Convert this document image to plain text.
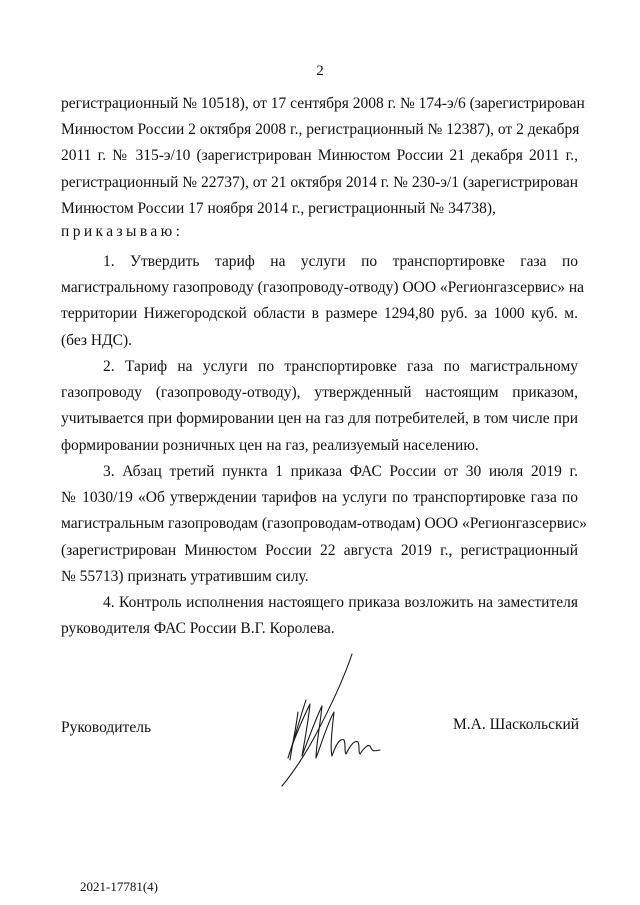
2
регистрационный № 10518), от 17 сентября 2008 г. № 174-э/6 (зарегистрирован
Минюстом России 2 октября 2008 г., регистрационный № 12387), от 2 декабря
2011 г. № 315-э/10 (зарегистрирован Минюстом России 21 декабря 2011 г.,
регистрационный № 22737), от 21 октября 2014 г. № 230-э/1 (зарегистрирован
Минюстом России 17 ноября 2014 г., регистрационный № 34738),
приказываю:
1. Утвердить тариф на услуги по транспортировке газа по
магистральному газопроводу (газопроводу-отводу) ООО «Регионгазсервис» на
территории Нижегородской области в размере 1294,80 руб. за 1000 куб. м.
(без НДС).
2. Тариф на услуги по транспортировке газа по магистральному
газопроводу (газопроводу-отводу), утвержденный настоящим приказом,
учитывается при формировании цен на газ для потребителей, в том числе при
формировании розничных цен на газ, реализуемый населению.
3. Абзац третий пункта 1 приказа ФАС России от 30 июля 2019 г.
№ 1030/19 «Об утверждении тарифов на услуги по транспортировке газа по
магистральным газопроводам (газопроводам-отводам) ООО «Регионгазсервис»
(зарегистрирован Минюстом России 22 августа 2019 г., регистрационный
№ 55713) признать утратившим силу.
4. Контроль исполнения настоящего приказа возложить на заместителя
руководителя ФАС России В.Г. Королева.
Руководитель	М.А. Шаскольский
2021-17781(4)
